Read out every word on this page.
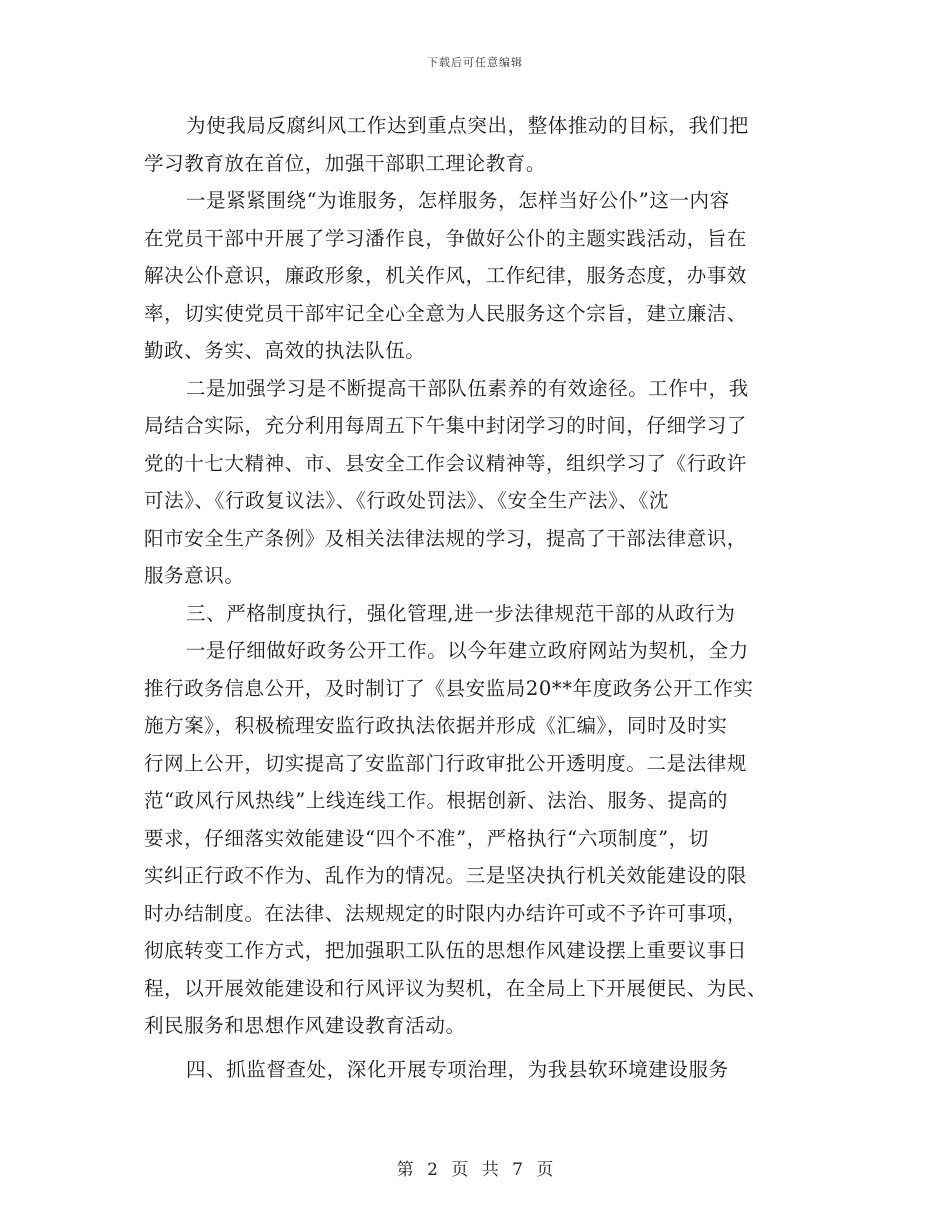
下载后可任意编辑
为使我局反腐纠风工作达到重点突出，整体推动的目标，我们把
学习教育放在首位，加强干部职工理论教育。
一是紧紧围绕“为谁服务，怎样服务，怎样当好公仆”这一内容
在党员干部中开展了学习潘作良，争做好公仆的主题实践活动，旨在
解决公仆意识，廉政形象，机关作风，工作纪律，服务态度，办事效
率，切实使党员干部牢记全心全意为人民服务这个宗旨，建立廉洁、
勤政、务实、高效的执法队伍。
二是加强学习是不断提高干部队伍素养的有效途径。工作中，我
局结合实际，充分利用每周五下午集中封闭学习的时间，仔细学习了
党的十七大精神、市、县安全工作会议精神等，组织学习了《行政许
可法》、《行政复议法》、《行政处罚法》、《安全生产法》、《沈
阳市安全生产条例》及相关法律法规的学习，提高了干部法律意识，
服务意识。
三、严格制度执行，强化管理,进一步法律规范干部的从政行为
一是仔细做好政务公开工作。以今年建立政府网站为契机，全力
推行政务信息公开，及时制订了《县安监局20**年度政务公开工作实
施方案》，积极梳理安监行政执法依据并形成《汇编》，同时及时实
行网上公开，切实提高了安监部门行政审批公开透明度。二是法律规
范“政风行风热线”上线连线工作。根据创新、法治、服务、提高的
要求，仔细落实效能建设“四个不准”，严格执行“六项制度”，切
实纠正行政不作为、乱作为的情况。三是坚决执行机关效能建设的限
时办结制度。在法律、法规规定的时限内办结许可或不予许可事项，
彻底转变工作方式，把加强职工队伍的思想作风建设摆上重要议事日
程，以开展效能建设和行风评议为契机，在全局上下开展便民、为民、
利民服务和思想作风建设教育活动。
四、抓监督查处，深化开展专项治理，为我县软环境建设服务
第 2 页 共 7 页
